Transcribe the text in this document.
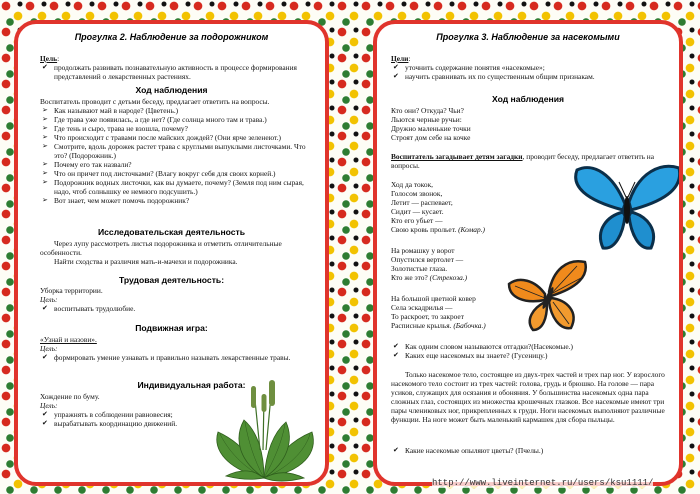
Прогулка 2. Наблюдение за подорожником
Цель:
✔ продолжать развивать познавательную активность в процессе формирования представлений о лекарственных растениях.
Ход наблюдения
Воспитатель проводит с детьми беседу, предлагает ответить на вопросы.
➢ Как называют май в народе? (Цветень.)
➢ Где трава уже появилась, а где нет? (Где солнца много там и трава.)
➢ Где тень и сыро, трава не взошла, почему?
➢ Что происходит с травами после майских дождей? (Они ярче зеленеют.)
➢ Смотрите, вдоль дорожек растет трава с круглыми выпуклыми листочками. Что это? (Подорожник.)
➢ Почему его так назвали?
➢ Что он причет под листочками? (Влагу вокруг себя для своих корней.)
➢ Подорожник водных листочки, как вы думаете, почему? (Земля под ним сырая, надо, чтоб солнышку ее немного подсушить.)
➢ Вот знает, чем может помочь подорожник?
Исследовательская деятельность
Через лупу рассмотреть листья подорожника и отметить отличительные особенности.
Найти сходства и различия мать-и-мачехи и подорожника.
Трудовая деятельность:
Уборка территории.
Цель:
✔ воспитывать трудолюбие.
Подвижная игра:
«Узнай и назови».
Цель:
✔ формировать умение узнавать и правильно называть лекарственные травы.
Индивидуальная работа:
Хождение по буму.
Цель:
✔ упражнять в соблюдении равновесия;
✔ вырабатывать координацию движений.
Прогулка 3. Наблюдение за насекомыми
Цели:
✔ уточнить содержание понятия «насекомые»;
✔ научить сравнивать их по существенным общим признакам.
Ход наблюдения
Кто они? Откуда? Чьи?
Льются черные ручьи:
Дружно маленькие точки
Строят дом себе на кочке
Воспитатель загадывает детям загадки, проводит беседу, предлагает ответить на вопросы.
Ход да токок,
Голосом звонок,
Летит — распевает,
Сидит — кусает.
Кто его убьет —
Свою кровь прольет. (Комар.)
На ромашку у ворот
Опустился вертолет —
Золотистые глаза.
Кто же это? (Стрекоза.)
На большой цветной ковер
Села эскадрилья —
То раскроет, то закроет
Расписные крылья. (Бабочка.)
✔ Как одним словом называются отгадки?(Насекомые.)
✔ Каких еще насекомых вы знаете? (Гусеницу.)
Только насекомое тело, состоящее из двух-трех частей и трех пар ног. У взрослого насекомого тело состоит из трех частей: голова, грудь и брюшко. На голове — пара усиков, служащих для осязания и обоняния. У большинства насекомых одна пара сложных глаз, состоящих из множества крошечных глазков. Все насекомые имеют три пары члениковых ног, прикрепленных к груди. Ноги насекомых выполняют различные функции. На ноге может быть маленький кармашек для сбора пыльцы.
✔ Какие насекомые опыляют цветы? (Пчелы.)
http://www.liveinternet.ru/users/ksu1111/
